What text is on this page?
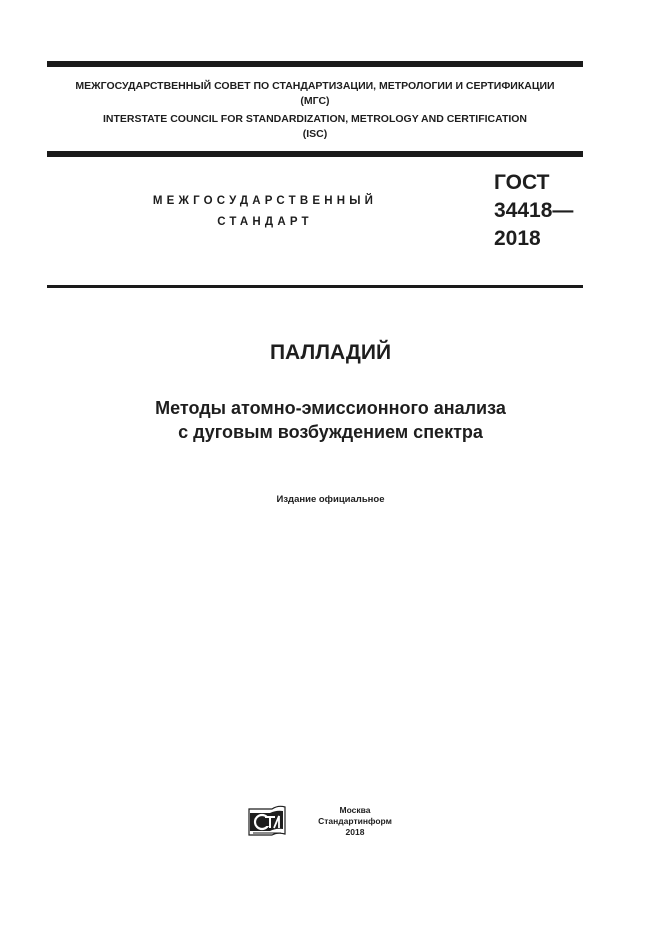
МЕЖГОСУДАРСТВЕННЫЙ СОВЕТ ПО СТАНДАРТИЗАЦИИ, МЕТРОЛОГИИ И СЕРТИФИКАЦИИ
(МГС)
INTERSTATE COUNCIL FOR STANDARDIZATION, METROLOGY AND CERTIFICATION
(ISC)
МЕЖГОСУДАРСТВЕННЫЙ
СТАНДАРТ
ГОСТ
34418—
2018
ПАЛЛАДИЙ
Методы атомно-эмиссионного анализа
с дуговым возбуждением спектра
Издание официальное
Москва
Стандартинформ
2018
